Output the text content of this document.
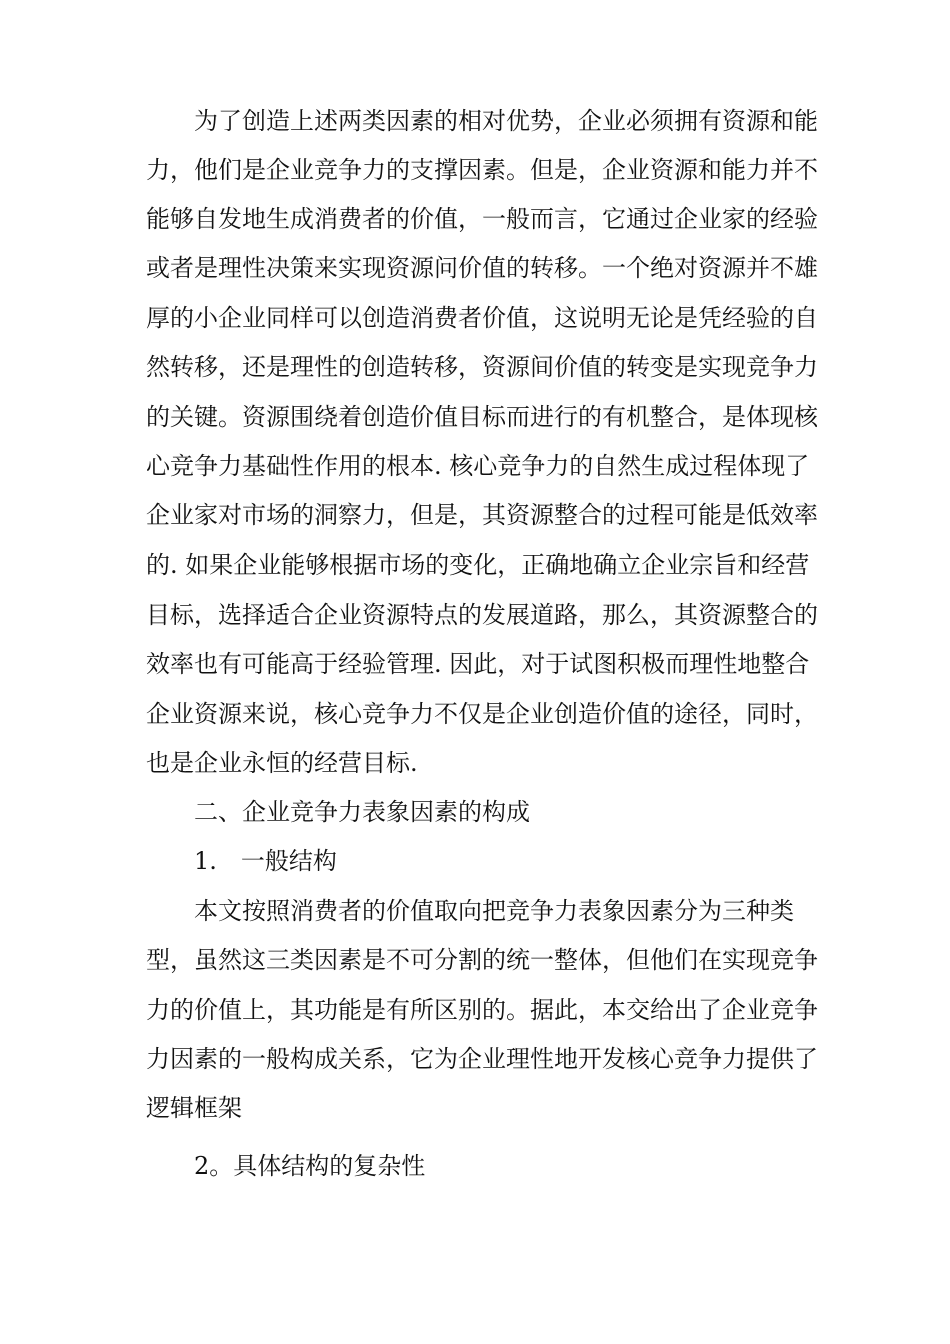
为了创造上述两类因素的相对优势，企业必须拥有资源和能
力，他们是企业竞争力的支撑因素。但是，企业资源和能力并不
能够自发地生成消费者的价值，一般而言，它通过企业家的经验
或者是理性决策来实现资源问价值的转移。一个绝对资源并不雄
厚的小企业同样可以创造消费者价值，这说明无论是凭经验的自
然转移，还是理性的创造转移，资源间价值的转变是实现竞争力
的关键。资源围绕着创造价值目标而进行的有机整合，是体现核
心竞争力基础性作用的根本. 核心竞争力的自然生成过程体现了
企业家对市场的洞察力，但是，其资源整合的过程可能是低效率
的. 如果企业能够根据市场的变化，正确地确立企业宗旨和经营
目标，选择适合企业资源特点的发展道路，那么，其资源整合的
效率也有可能高于经验管理. 因此，对于试图积极而理性地整合
企业资源来说，核心竞争力不仅是企业创造价值的途径，同时，
也是企业永恒的经营目标.
二、企业竞争力表象因素的构成
1.　一般结构
本文按照消费者的价值取向把竞争力表象因素分为三种类
型，虽然这三类因素是不可分割的统一整体，但他们在实现竞争
力的价值上，其功能是有所区别的。据此，本交给出了企业竞争
力因素的一般构成关系，它为企业理性地开发核心竞争力提供了
逻辑框架
2。具体结构的复杂性
